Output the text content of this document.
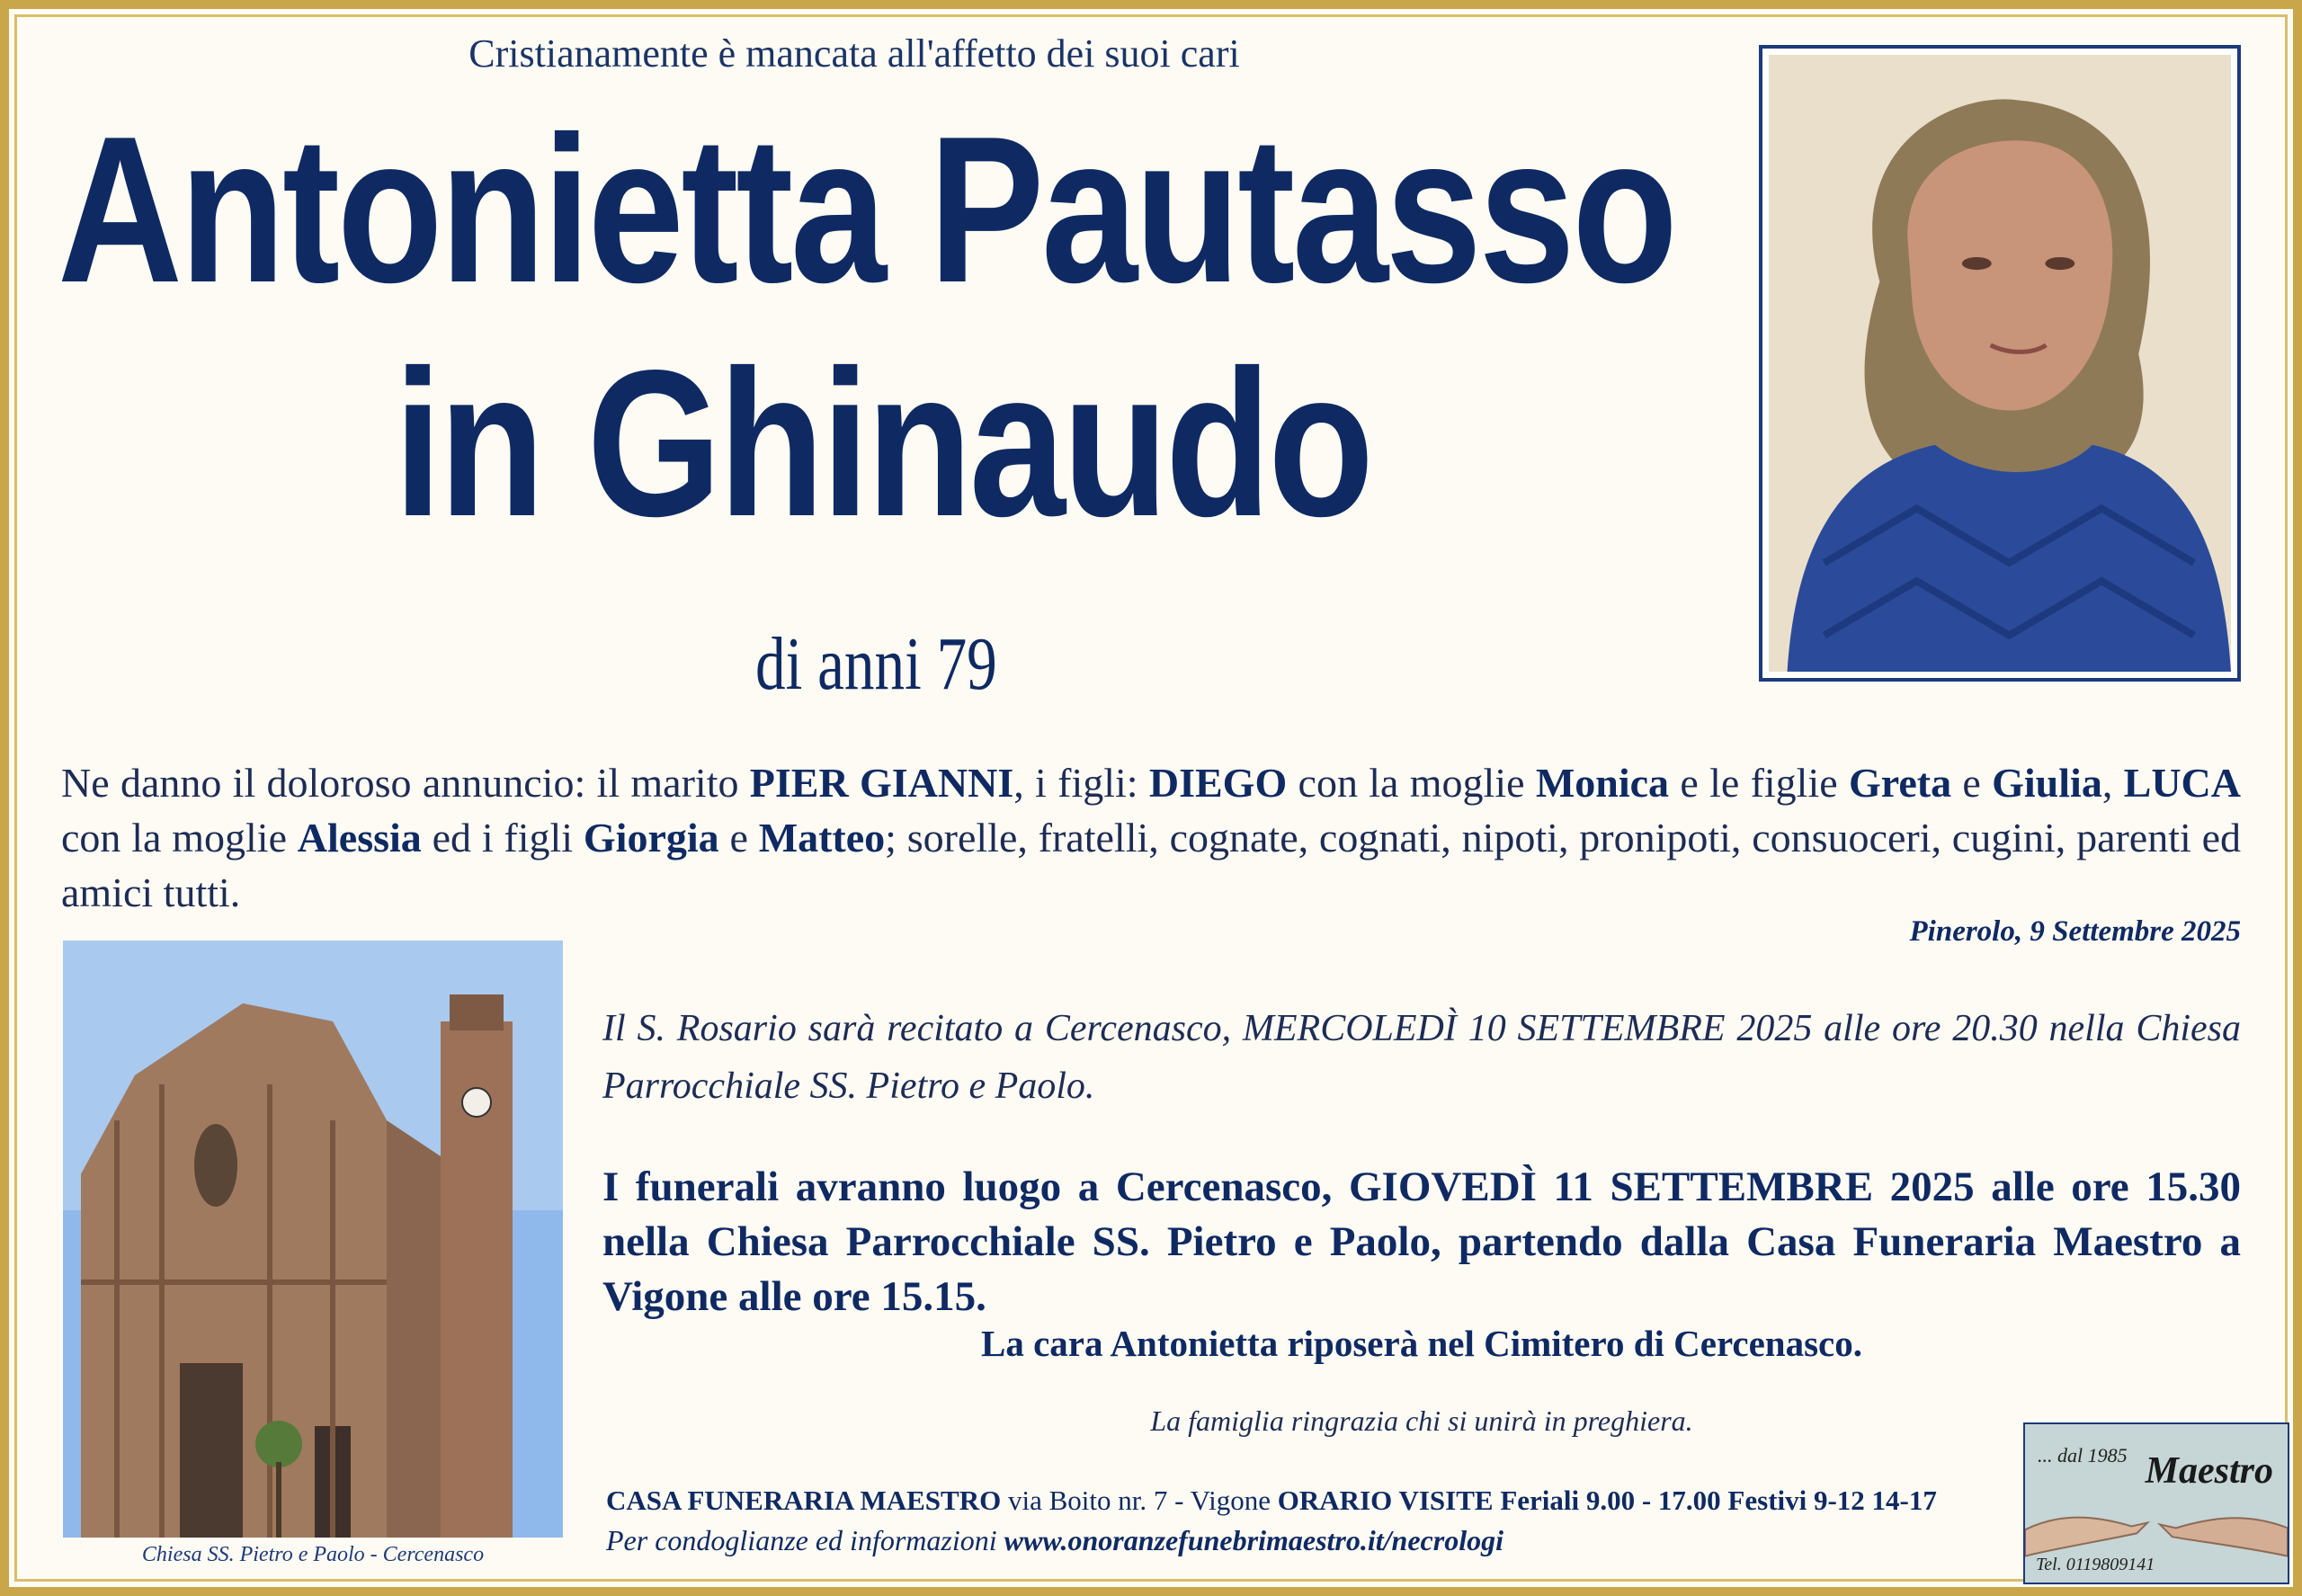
Cristianamente è mancata all'affetto dei suoi cari
Antonietta Pautasso
in Ghinaudo
di anni 79
Ne danno il doloroso annuncio: il marito PIER GIANNI, i figli: DIEGO con la moglie Monica e le figlie Greta e Giulia, LUCA con la moglie Alessia ed i figli Giorgia e Matteo; sorelle, fratelli, cognate, cognati, nipoti, pronipoti, consuoceri, cugini, parenti ed amici tutti.
Pinerolo, 9 Settembre 2025
Chiesa SS. Pietro e Paolo - Cercenasco
Il S. Rosario sarà recitato a Cercenasco, MERCOLEDÌ 10 SETTEMBRE 2025 alle ore 20.30 nella Chiesa Parrocchiale SS. Pietro e Paolo.
I funerali avranno luogo a Cercenasco, GIOVEDÌ 11 SETTEMBRE 2025 alle ore 15.30 nella Chiesa Parrocchiale SS. Pietro e Paolo, partendo dalla Casa Funeraria Maestro a Vigone alle ore 15.15.
La cara Antonietta riposerà nel Cimitero di Cercenasco.
La famiglia ringrazia chi si unirà in preghiera.
CASA FUNERARIA MAESTRO via Boito nr. 7 - Vigone ORARIO VISITE Feriali 9.00 - 17.00 Festivi 9-12 14-17
Per condoglianze ed informazioni www.onoranzefunebrimaestro.it/necrologi
... dal 1985 Maestro
Tel. 0119809141
